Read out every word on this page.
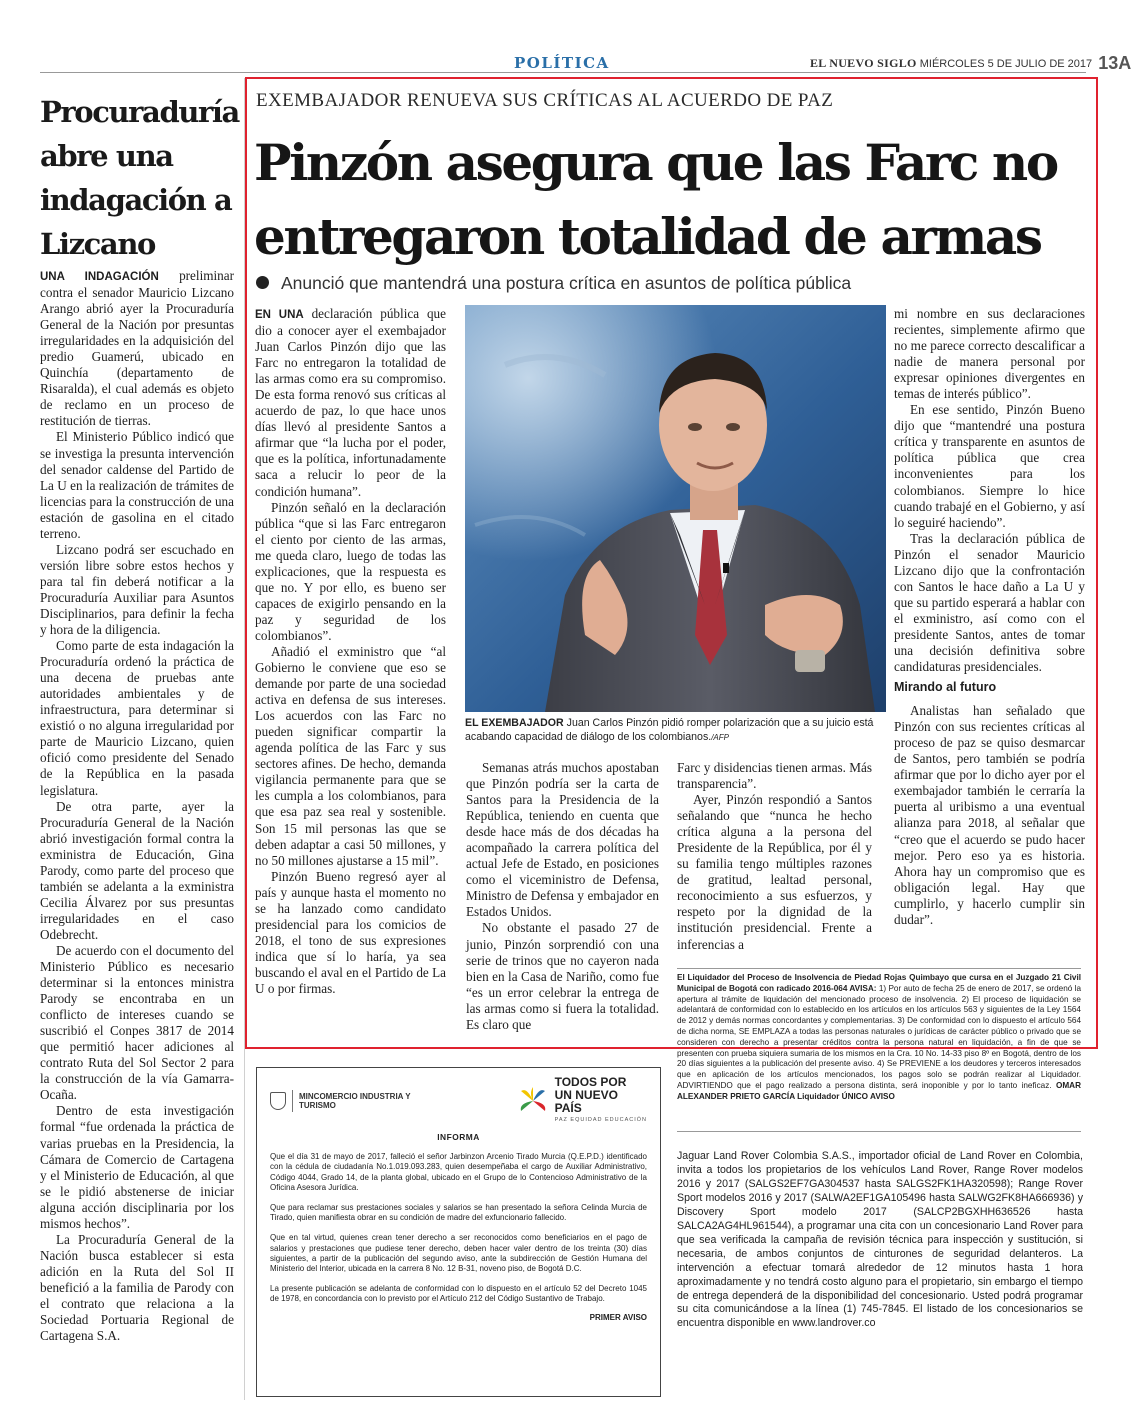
POLÍTICA	EL NUEVO SIGLO MIÉRCOLES 5 DE JULIO DE 2017 13A
Procuraduría abre una indagación a Lizcano

UNA INDAGACIÓN preliminar contra el senador Mauricio Lizcano Arango abrió ayer la Procuraduría General de la Nación por presuntas irregularidades en la adquisición del predio Guamerú, ubicado en Quinchía (departamento de Risaralda), el cual además es objeto de reclamo en un proceso de restitución de tierras.

El Ministerio Público indicó que se investiga la presunta intervención del senador caldense del Partido de La U en la realización de trámites de licencias para la construcción de una estación de gasolina en el citado terreno.

Lizcano podrá ser escuchado en versión libre sobre estos hechos y para tal fin deberá notificar a la Procuraduría Auxiliar para Asuntos Disciplinarios, para definir la fecha y hora de la diligencia.

Como parte de esta indagación la Procuraduría ordenó la práctica de una decena de pruebas ante autoridades ambientales y de infraestructura, para determinar si existió o no alguna irregularidad por parte de Mauricio Lizcano, quien ofició como presidente del Senado de la República en la pasada legislatura.

De otra parte, ayer la Procuraduría General de la Nación abrió investigación formal contra la exministra de Educación, Gina Parody, como parte del proceso que también se adelanta a la exministra Cecilia Álvarez por sus presuntas irregularidades en el caso Odebrecht.

De acuerdo con el documento del Ministerio Público es necesario determinar si la entonces ministra Parody se encontraba en un conflicto de intereses cuando se suscribió el Conpes 3817 de 2014 que permitió hacer adiciones al contrato Ruta del Sol Sector 2 para la construcción de la vía Gamarra-Ocaña.

Dentro de esta investigación formal “fue ordenada la práctica de varias pruebas en la Presidencia, la Cámara de Comercio de Cartagena y el Ministerio de Educación, al que se le pidió abstenerse de iniciar alguna acción disciplinaria por los mismos hechos”.

La Procuraduría General de la Nación busca establecer si esta adición en la Ruta del Sol II benefició a la familia de Parody con el contrato que relaciona a la Sociedad Portuaria Regional de Cartagena S.A.

EXEMBAJADOR RENUEVA SUS CRÍTICAS AL ACUERDO DE PAZ
Pinzón asegura que las Farc no
entregaron totalidad de armas
Anunció que mantendrá una postura crítica en asuntos de política pública

EN UNA declaración pública que dio a conocer ayer el exembajador Juan Carlos Pinzón dijo que las Farc no entregaron la totalidad de las armas como era su compromiso. De esta forma renovó sus críticas al acuerdo de paz, lo que hace unos días llevó al presidente Santos a afirmar que “la lucha por el poder, que es la política, infortunadamente saca a relucir lo peor de la condición humana”.

Pinzón señaló en la declaración pública “que si las Farc entregaron el ciento por ciento de las armas, me queda claro, luego de todas las explicaciones, que la respuesta es que no. Y por ello, es bueno ser capaces de exigirlo pensando en la paz y seguridad de los colombianos”.

Añadió el exministro que “al Gobierno le conviene que eso se demande por parte de una sociedad activa en defensa de sus intereses. Los acuerdos con las Farc no pueden significar compartir la agenda política de las Farc y sus sectores afines. De hecho, demanda vigilancia permanente para que se les cumpla a los colombianos, para que esa paz sea real y sostenible. Son 15 mil personas las que se deben adaptar a casi 50 millones, y no 50 millones ajustarse a 15 mil”.

Pinzón Bueno regresó ayer al país y aunque hasta el momento no se ha lanzado como candidato presidencial para los comicios de 2018, el tono de sus expresiones indica que sí lo haría, ya sea buscando el aval en el Partido de La U o por firmas.

EL EXEMBAJADOR Juan Carlos Pinzón pidió romper polarización que a su juicio está acabando capacidad de diálogo de los colombianos./AFP

Semanas atrás muchos apostaban que Pinzón podría ser la carta de Santos para la Presidencia de la República, teniendo en cuenta que desde hace más de dos décadas ha acompañado la carrera política del actual Jefe de Estado, en posiciones como el viceministro de Defensa, Ministro de Defensa y embajador en Estados Unidos.

No obstante el pasado 27 de junio, Pinzón sorprendió con una serie de trinos que no cayeron nada bien en la Casa de Nariño, como fue “es un error celebrar la entrega de las armas como si fuera la totalidad. Es claro que

Farc y disidencias tienen armas. Más transparencia”.

Ayer, Pinzón respondió a Santos señalando que “nunca he hecho crítica alguna a la persona del Presidente de la República, por él y su familia tengo múltiples razones de gratitud, lealtad personal, reconocimiento a sus esfuerzos, y respeto por la dignidad de la institución presidencial. Frente a inferencias a

mi nombre en sus declaraciones recientes, simplemente afirmo que no me parece correcto descalificar a nadie de manera personal por expresar opiniones divergentes en temas de interés público”.

En ese sentido, Pinzón Bueno dijo que “mantendré una postura crítica y transparente en asuntos de política pública que crea inconvenientes para los colombianos. Siempre lo hice cuando trabajé en el Gobierno, y así lo seguiré haciendo”.

Tras la declaración pública de Pinzón el senador Mauricio Lizcano dijo que la confrontación con Santos le hace daño a La U y que su partido esperará a hablar con el exministro, así como con el presidente Santos, antes de tomar una decisión definitiva sobre candidaturas presidenciales.

Mirando al futuro

Analistas han señalado que Pinzón con sus recientes críticas al proceso de paz se quiso desmarcar de Santos, pero también se podría afirmar que por lo dicho ayer por el exembajador también le cerraría la puerta al uribismo a una eventual alianza para 2018, al señalar que “creo que el acuerdo se pudo hacer mejor. Pero eso ya es historia. Ahora hay un compromiso que es obligación legal. Hay que cumplirlo, y hacerlo cumplir sin dudar”.

El Liquidador del Proceso de Insolvencia de Piedad Rojas Quimbayo que cursa en el Juzgado 21 Civil Municipal de Bogotá con radicado 2016-064 AVISA: 1) Por auto de fecha 25 de enero de 2017, se ordenó la apertura al trámite de liquidación del mencionado proceso de insolvencia. 2) El proceso de liquidación se adelantará de conformidad con lo establecido en los artículos en los artículos 563 y siguientes de la Ley 1564 de 2012 y demás normas concordantes y complementarias. 3) De conformidad con lo dispuesto el artículo 564 de dicha norma, SE EMPLAZA a todas las personas naturales o jurídicas de carácter público o privado que se consideren con derecho a presentar créditos contra la persona natural en liquidación, a fin de que se presenten con prueba siquiera sumaria de los mismos en la Cra. 10 No. 14-33 piso 8º en Bogotá, dentro de los 20 días siguientes a la publicación del presente aviso. 4) Se PREVIENE a los deudores y terceros interesados que en aplicación de los artículos mencionados, los pagos solo se podrán realizar al Liquidador. ADVIRTIENDO que el pago realizado a persona distinta, será inoponible y por lo tanto ineficaz. OMAR ALEXANDER PRIETO GARCÍA Liquidador ÚNICO AVISO
MINCOMERCIO INDUSTRIA Y TURISMO
TODOS POR UN NUEVO PAÍS
PAZ EQUIDAD EDUCACIÓN
INFORMA

Que el día 31 de mayo de 2017, falleció el señor Jarbinzon Arcenio Tirado Murcia (Q.E.P.D.) identificado con la cédula de ciudadanía No.1.019.093.283, quien desempeñaba el cargo de Auxiliar Administrativo, Código 4044, Grado 14, de la planta global, ubicado en el Grupo de lo Contencioso Administrativo de la Oficina Asesora Jurídica.

Que para reclamar sus prestaciones sociales y salarios se han presentado la señora Celinda Murcia de Tirado, quien manifiesta obrar en su condición de madre del exfuncionario fallecido.

Que en tal virtud, quienes crean tener derecho a ser reconocidos como beneficiarios en el pago de salarios y prestaciones que pudiese tener derecho, deben hacer valer dentro de los treinta (30) días siguientes, a partir de la publicación del segundo aviso, ante la subdirección de Gestión Humana del Ministerio del Interior, ubicada en la carrera 8 No. 12 B-31, noveno piso, de Bogotá D.C.

La presente publicación se adelanta de conformidad con lo dispuesto en el artículo 52 del Decreto 1045 de 1978, en concordancia con lo previsto por el Artículo 212 del Código Sustantivo de Trabajo.

PRIMER AVISO
Jaguar Land Rover Colombia S.A.S., importador oficial de Land Rover en Colombia, invita a todos los propietarios de los vehículos Land Rover, Range Rover modelos 2016 y 2017 (SALGS2EF7GA304537 hasta SALGS2FK1HA320598); Range Rover Sport modelos 2016 y 2017 (SALWA2EF1GA105496 hasta SALWG2FK8HA666936) y Discovery Sport modelo 2017 (SALCP2BGXHH636526 hasta SALCA2AG4HL961544), a programar una cita con un concesionario Land Rover para que sea verificada la campaña de revisión técnica para inspección y sustitución, si necesaria, de ambos conjuntos de cinturones de seguridad delanteros. La intervención a efectuar tomará alrededor de 12 minutos hasta 1 hora aproximadamente y no tendrá costo alguno para el propietario, sin embargo el tiempo de entrega dependerá de la disponibilidad del concesionario. Usted podrá programar su cita comunicándose a la línea (1) 745-7845. El listado de los concesionarios se encuentra disponible en www.landrover.co
